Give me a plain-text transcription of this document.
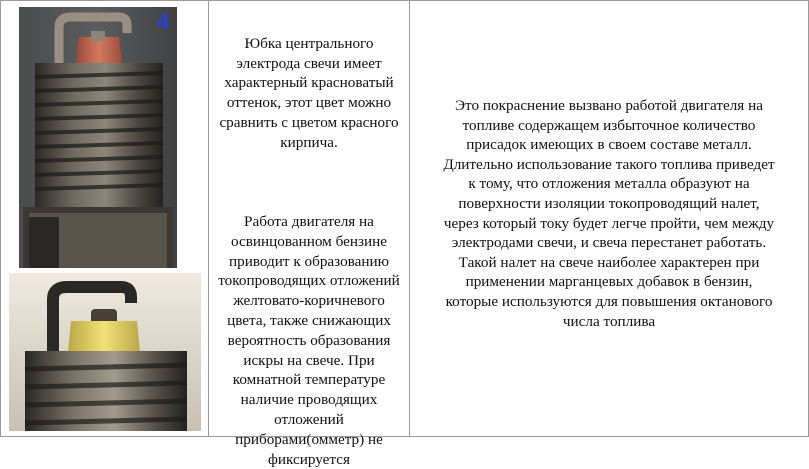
4

Юбка центрального
электрода свечи имеет
характерный красноватый
оттенок, этот цвет можно
сравнить с цветом красного
кирпича.

Работа двигателя на
освинцованном бензине
приводит к образованию
токопроводящих отложений
желтовато-коричневого
цвета, также снижающих
вероятность образования
искры на свече. При
комнатной температуре
наличие проводящих
отложений
приборами(омметр) не
фиксируется

Это покраснение вызвано работой двигателя на
топливе содержащем избыточное количество
присадок имеющих в своем составе металл.
Длительно использование такого топлива приведет
к тому, что отложения металла образуют на
поверхности изоляции токопроводящий налет,
через который току будет легче пройти, чем между
электродами свечи, и свеча перестанет работать.
Такой налет на свече наиболее характерен при
применении марганцевых добавок в бензин,
которые используются для повышения октанового
числа топлива
